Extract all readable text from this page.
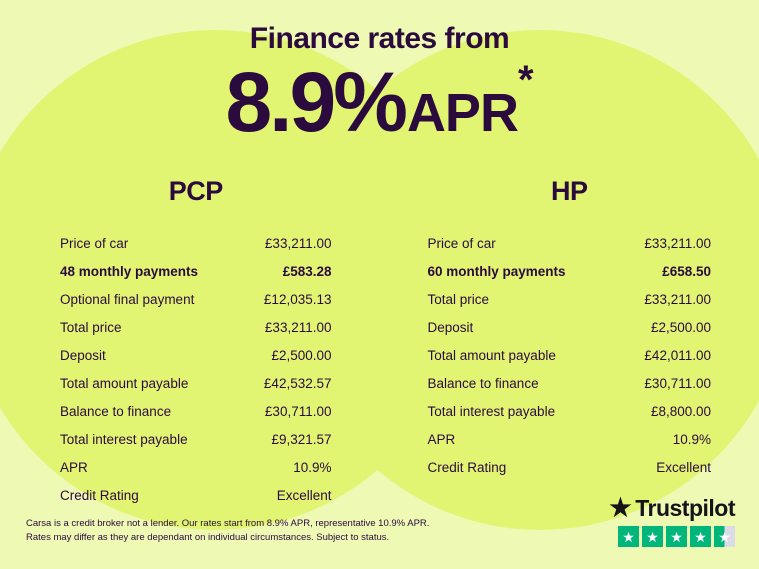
Finance rates from
8.9%APR*
PCP
Price of car	£33,211.00
48 monthly payments	£583.28
Optional final payment	£12,035.13
Total price	£33,211.00
Deposit	£2,500.00
Total amount payable	£42,532.57
Balance to finance	£30,711.00
Total interest payable	£9,321.57
APR	10.9%
Credit Rating	Excellent
HP
Price of car	£33,211.00
60 monthly payments	£658.50
Total price	£33,211.00
Deposit	£2,500.00
Total amount payable	£42,011.00
Balance to finance	£30,711.00
Total interest payable	£8,800.00
APR	10.9%
Credit Rating	Excellent
Carsa is a credit broker not a lender. Our rates start from 8.9% APR, representative 10.9% APR.
Rates may differ as they are dependant on individual circumstances. Subject to status.
★ Trustpilot
★ ★ ★ ★ ★
